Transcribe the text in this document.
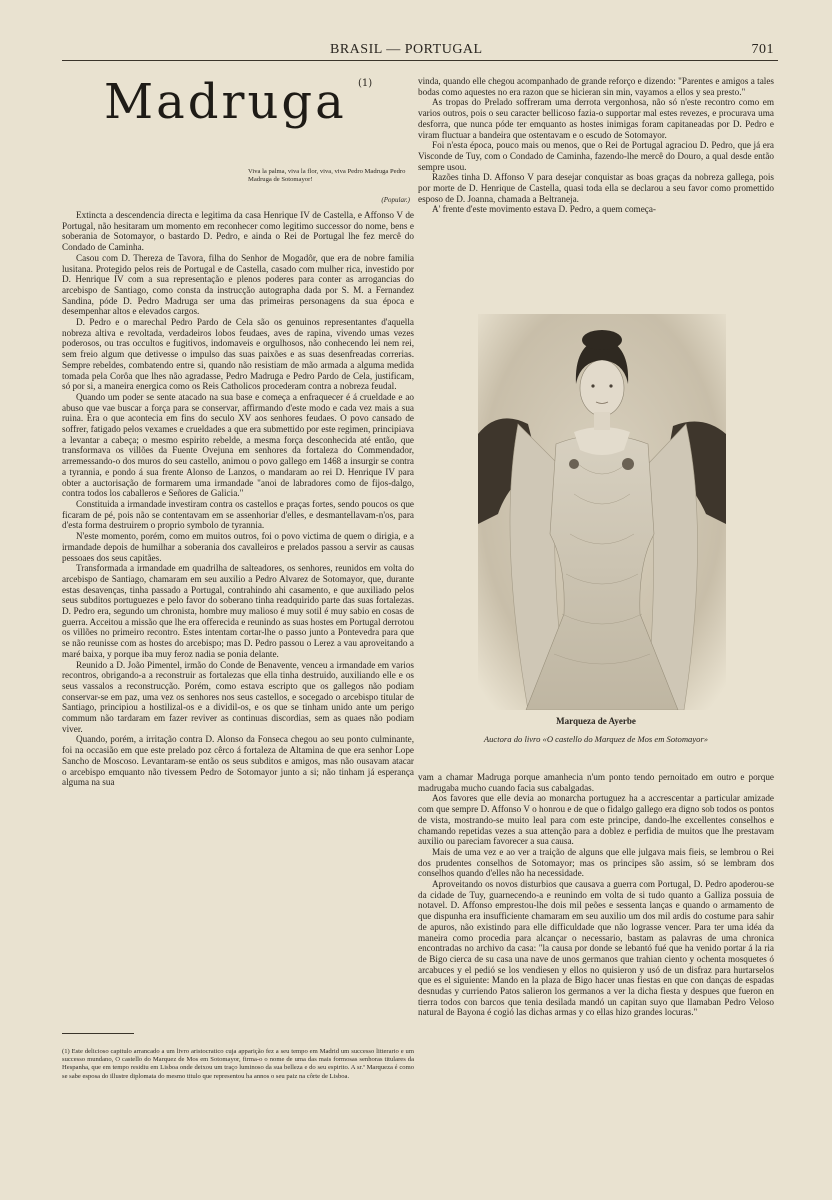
BRASIL — PORTUGAL	701
Madruga (1)
Viva la palma, viva la flor, viva, viva Pedro Madruga Pedro Madruga de Sotomayor!
(Popular.)

Extincta a descendencia directa e legitima da casa Henrique IV de Castella, e Affonso V de Portugal, não hesitaram um momento em reconhecer como legitimo successor do nome, bens e soberania de Sotomayor, o bastardo D. Pedro, e ainda o Rei de Portugal lhe fez mercê do Condado de Caminha.

Casou com D. Thereza de Tavora, filha do Senhor de Mogadôr, que era de nobre familia lusitana. Protegido pelos reis de Portugal e de Castella, casado com mulher rica, investido por D. Henrique IV com a sua representação e plenos poderes para conter as arrogancias do arcebispo de Santiago, como consta da instrucção autographa dada por S. M. a Fernandez Sandina, póde D. Pedro Madruga ser uma das primeiras personagens da sua época e desempenhar altos e elevados cargos.

D. Pedro e o marechal Pedro Pardo de Cela são os genuinos representantes d'aquella nobreza altiva e revoltada, verdadeiros lobos feudaes, aves de rapina, vivendo umas vezes poderosos, ou tras occultos e fugitivos, indomaveis e orgulhosos, não conhecendo lei nem rei, sem freio algum que detivesse o impulso das suas paixões e as suas desenfreadas correrias. Sempre rebeldes, combatendo entre si, quando não resistiam de mão armada a alguma medida tomada pela Corôa que lhes não agradasse, Pedro Madruga e Pedro Pardo de Cela, justificam, só por si, a maneira energica como os Reis Catholicos procederam contra a nobreza feudal.

Quando um poder se sente atacado na sua base e começa a enfraquecer é á crueldade e ao abuso que vae buscar a força para se conservar, affirmando d'este modo e cada vez mais a sua ruina. Era o que acontecia em fins do seculo XV aos senhores feudaes. O povo cansado de soffrer, fatigado pelos vexames e crueldades a que era submettido por este regimen, principiava a levantar a cabeça; o mesmo espirito rebelde, a mesma força desconhecida até então, que transformava os villões da Fuente Ovejuna em senhores da fortaleza do Commendador, arremessando-o dos muros do seu castello, animou o povo gallego em 1468 a insurgir se contra a tyrannia, e pondo á sua frente Alonso de Lanzos, o mandaram ao rei D. Henrique IV para obter a auctorisação de formarem uma irmandade "anoi de labradores como de fijos-dalgo, contra todos los caballeros e Señores de Galicia."

Constituida a irmandade investiram contra os castellos e praças fortes, sendo poucos os que ficaram de pé, pois não se contentavam em se assenhoriar d'elles, e desmantellavam-n'os, para d'esta forma destruirem o proprio symbolo de tyrannia.

N'este momento, porém, como em muitos outros, foi o povo victima de quem o dirigia, e a irmandade depois de humilhar a soberania dos cavalleiros e prelados passou a servir as causas pessoaes dos seus capitães.

Transformada a irmandade em quadrilha de salteadores, os senhores, reunidos em volta do arcebispo de Santiago, chamaram em seu auxilio a Pedro Alvarez de Sotomayor, que, durante estas desavenças, tinha passado a Portugal, contrahindo ahi casamento, e que auxiliado pelos seus subditos portuguezes e pelo favor do soberano tinha readquirido parte das suas fortalezas. D. Pedro era, segundo um chronista, hombre muy malioso é muy sotil é muy sabio en cosas de guerra. Acceitou a missão que lhe era offerecida e reunindo as suas hostes em Portugal derrotou os villões no primeiro recontro. Estes intentam cortar-lhe o passo junto a Pontevedra para que se não reunisse com as hostes do arcebispo; mas D. Pedro passou o Lerez a vau aproveitando a maré baixa, y porque iba muy feroz nadia se ponia delante.

Reunido a D. João Pimentel, irmão do Conde de Benavente, venceu a irmandade em varios recontros, obrigando-a a reconstruir as fortalezas que ella tinha destruido, auxiliando elle e os seus vassalos a reconstrucção. Porém, como estava escripto que os gallegos não podiam conservar-se em paz, uma vez os senhores nos seus castellos, e socegado o arcebispo titular de Santiago, principiou a hostilizal-os e a dividil-os, e os que se tinham unido ante um perigo commum não tardaram em fazer reviver as continuas discordias, sem as quaes não podiam viver.

Quando, porém, a irritação contra D. Alonso da Fonseca chegou ao seu ponto culminante, foi na occasião em que este prelado poz cêrco á fortaleza de Altamina de que era senhor Lope Sancho de Moscoso. Levantaram-se então os seus subditos e amigos, mas não ousavam atacar o arcebispo emquanto não tivessem Pedro de Sotomayor junto a si; não tinham já esperança alguma na sua

(1) Este delicioso capitulo arrancado a um livro aristocratico cuja apparição fez a seu tempo em Madrid um successo litterario e um successo mundano, O castello do Marquez de Mos em Sotomayor, firma-o o nome de uma das mais formosas senhoras titulares da Hespanha, que em tempo residiu em Lisboa onde deixou um traço luminoso da sua belleza e do seu espirito. A sr.ª Marqueza é como se sabe esposa do illustre diplomata do mesmo titulo que representou ha annos o seu paiz na côrte de Lisboa.

vinda, quando elle chegou acompanhado de grande reforço e dizendo: "Parentes e amigos a tales bodas como aquestes no era razon que se hicieran sin min, vayamos a ellos y sea presto."

As tropas do Prelado soffreram uma derrota vergonhosa, não só n'este recontro como em varios outros, pois o seu caracter bellicoso fazia-o supportar mal estes revezes, e procurava uma desforra, que nunca póde ter emquanto as hostes inimigas foram capitaneadas por D. Pedro e viram fluctuar a bandeira que ostentavam e o escudo de Sotomayor.

Foi n'esta época, pouco mais ou menos, que o Rei de Portugal agraciou D. Pedro, que já era Visconde de Tuy, com o Condado de Caminha, fazendo-lhe mercê do Douro, a qual desde então sempre usou.

Razões tinha D. Affonso V para desejar conquistar as boas graças da nobreza gallega, pois por morte de D. Henrique de Castella, quasi toda ella se declarou a seu favor como promettido esposo de D. Joanna, chamada a Beltraneja.

A' frente d'este movimento estava D. Pedro, a quem começa-

Marqueza de Ayerbe
Auctora do livro «O castello do Marquez de Mos em Sotomayor»

vam a chamar Madruga porque amanhecia n'um ponto tendo pernoitado em outro e porque madrugaba mucho cuando facia sus cabalgadas.

Aos favores que elle devia ao monarcha portuguez ha a accrescentar a particular amizade com que sempre D. Affonso V o honrou e de que o fidalgo gallego era digno sob todos os pontos de vista, mostrando-se muito leal para com este principe, dando-lhe excellentes conselhos e chamando repetidas vezes a sua attenção para a doblez e perfidia de muitos que lhe prestavam auxilio ou pareciam favorecer a sua causa.

Mais de uma vez e ao ver a traição de alguns que elle julgava mais fieis, se lembrou o Rei dos prudentes conselhos de Sotomayor; mas os principes são assim, só se lembram dos conselhos quando d'elles não ha necessidade.

Aproveitando os novos disturbios que causava a guerra com Portugal, D. Pedro apoderou-se da cidade de Tuy, guarnecendo-a e reunindo em volta de si tudo quanto a Galliza possuia de notavel. D. Affonso emprestou-lhe dois mil peões e sessenta lanças e quando o armamento de que dispunha era insufficiente chamaram em seu auxilio um dos mil ardis do costume para sahir de apuros, não existindo para elle difficuldade que não lograsse vencer. Para ter uma idéa da maneira como procedia para alcançar o necessario, bastam as palavras de uma chronica encontradas no archivo da casa: "la causa por donde se lebantó fué que ha venido portar á la ria de Bigo cierca de su casa una nave de unos germanos que trahian ciento y ochenta mosquetes ó arcabuces y el pedió se los vendiesen y ellos no quisieron y usó de un disfraz para hurtarselos que es el siguiente: Mando en la plaza de Bigo hacer unas fiestas en que con danças de espadas desnudas y curriendo Patos salieron los germanos a ver la dicha fiesta y despues que fueron en tierra todos con barcos que tenia desilada mandó un capitan suyo que llamaban Pedro Veloso natural de Bayona é cogió las dichas armas y co ellas hizo grandes locuras."
